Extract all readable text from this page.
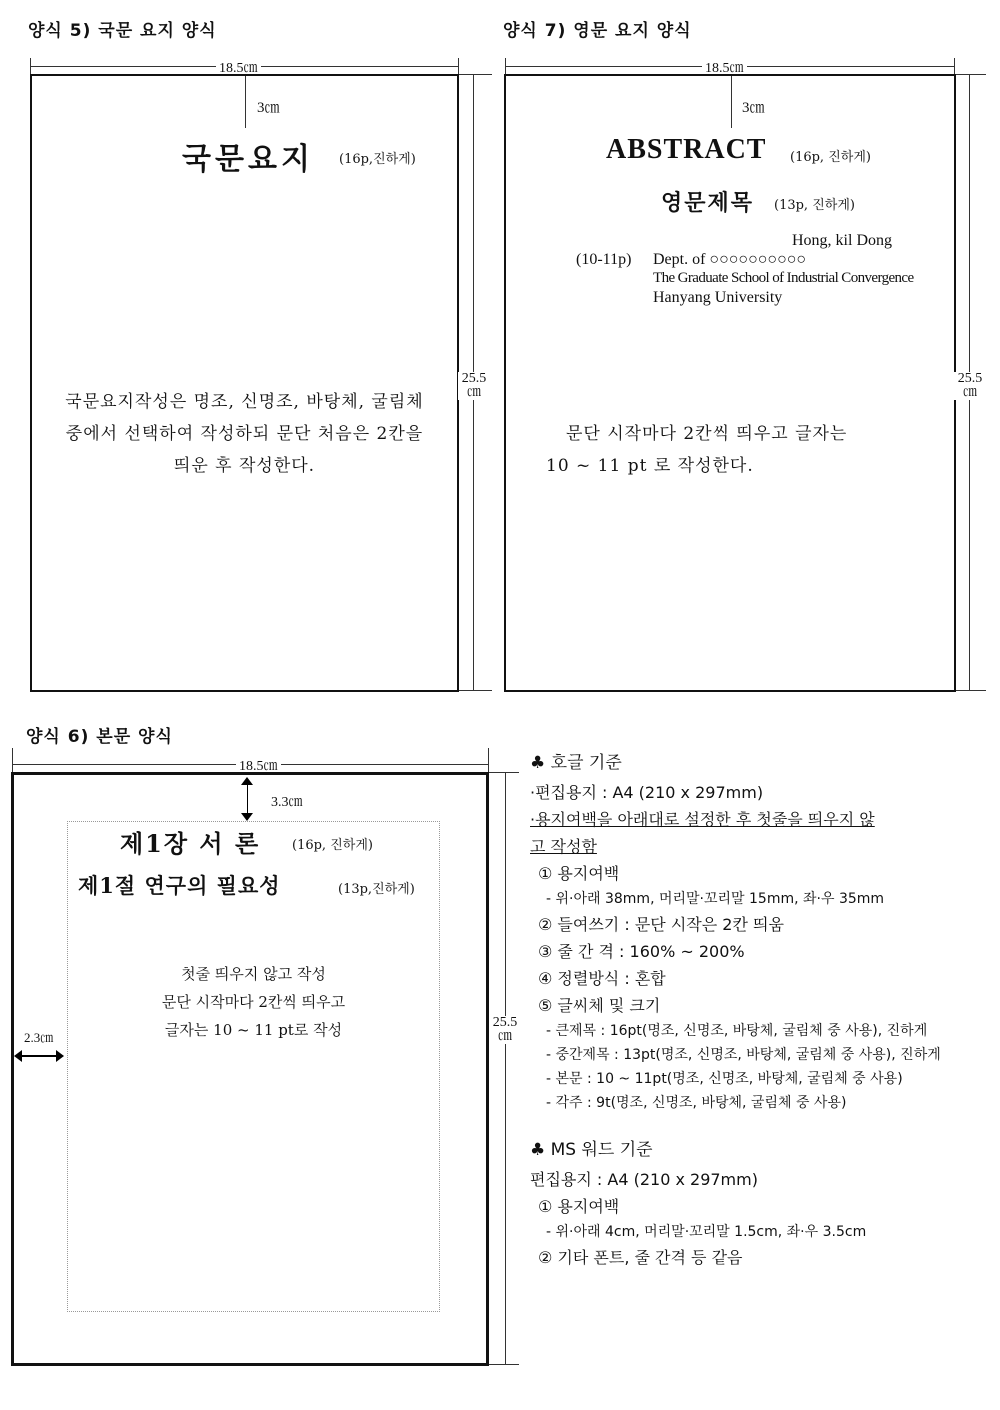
양식 5) 국문 요지 양식
18.5㎝
3㎝
국문요지 (16p,진하게)
국문요지작성은 명조, 신명조, 바탕체, 굴림체
중에서 선택하여 작성하되 문단 처음은 2칸을
띄운 후 작성한다.
25.5
㎝
양식 7) 영문 요지 양식
18.5㎝
3㎝
ABSTRACT (16p, 진하게)
영문제목 (13p, 진하게)
Hong, kil Dong
(10-11p) Dept. of ○○○○○○○○○○
The Graduate School of Industrial Convergence
Hanyang University
문단 시작마다 2칸씩 띄우고 글자는
10 ~ 11 pt 로 작성한다.
25.5
㎝
양식 6) 본문 양식
18.5㎝
3.3㎝
2.3㎝
제1장 서 론 (16p, 진하게)
제1절 연구의 필요성	(13p,진하게)
첫줄 띄우지 않고 작성
문단 시작마다 2칸씩 띄우고
글자는 10 ~ 11 pt로 작성	25.5
㎝
♣ 호글 기준
·편집용지 : A4 (210 x 297mm)
·용지여백을 아래대로 설정한 후 첫줄을 띄우지 않
고 작성함
① 용지여백
- 위·아래 38mm, 머리말·꼬리말 15mm, 좌·우 35mm
② 들여쓰기 : 문단 시작은 2칸 띄움
③ 줄 간 격 : 160% ~ 200%
④ 정렬방식 : 혼합
⑤ 글씨체 및 크기
- 큰제목 : 16pt(명조, 신명조, 바탕체, 굴림체 중 사용), 진하게
- 중간제목 : 13pt(명조, 신명조, 바탕체, 굴림체 중 사용), 진하게
- 본문 : 10 ~ 11pt(명조, 신명조, 바탕체, 굴림체 중 사용)
- 각주 : 9t(명조, 신명조, 바탕체, 굴림체 중 사용)
♣ MS 워드 기준
편집용지 : A4 (210 x 297mm)
① 용지여백
- 위·아래 4cm, 머리말·꼬리말 1.5cm, 좌·우 3.5cm
② 기타 폰트, 줄 간격 등 같음
